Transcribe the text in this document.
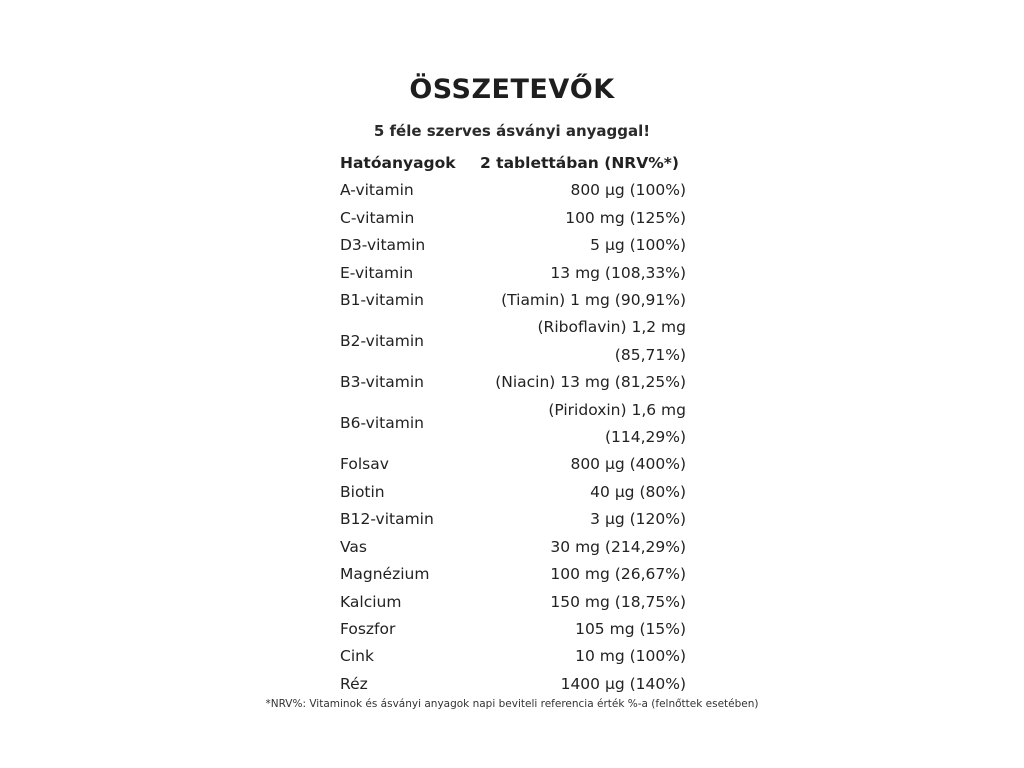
ÖSSZETEVŐK
5 féle szerves ásványi anyaggal!
Hatóanyagok	2 tablettában (NRV%*)
A-vitamin	800 µg (100%)
C-vitamin	100 mg (125%)
D3-vitamin	5 µg (100%)
E-vitamin	13 mg (108,33%)
B1-vitamin	(Tiamin) 1 mg (90,91%)
B2-vitamin	(Riboflavin) 1,2 mg (85,71%)
B3-vitamin	(Niacin) 13 mg (81,25%)
B6-vitamin	(Piridoxin) 1,6 mg (114,29%)
Folsav	800 µg (400%)
Biotin	40 µg (80%)
B12-vitamin	3 µg (120%)
Vas	30 mg (214,29%)
Magnézium	100 mg (26,67%)
Kalcium	150 mg (18,75%)
Foszfor	105 mg (15%)
Cink	10 mg (100%)
Réz	1400 µg (140%)
*NRV%: Vitaminok és ásványi anyagok napi beviteli referencia érték %-a (felnőttek esetében)
